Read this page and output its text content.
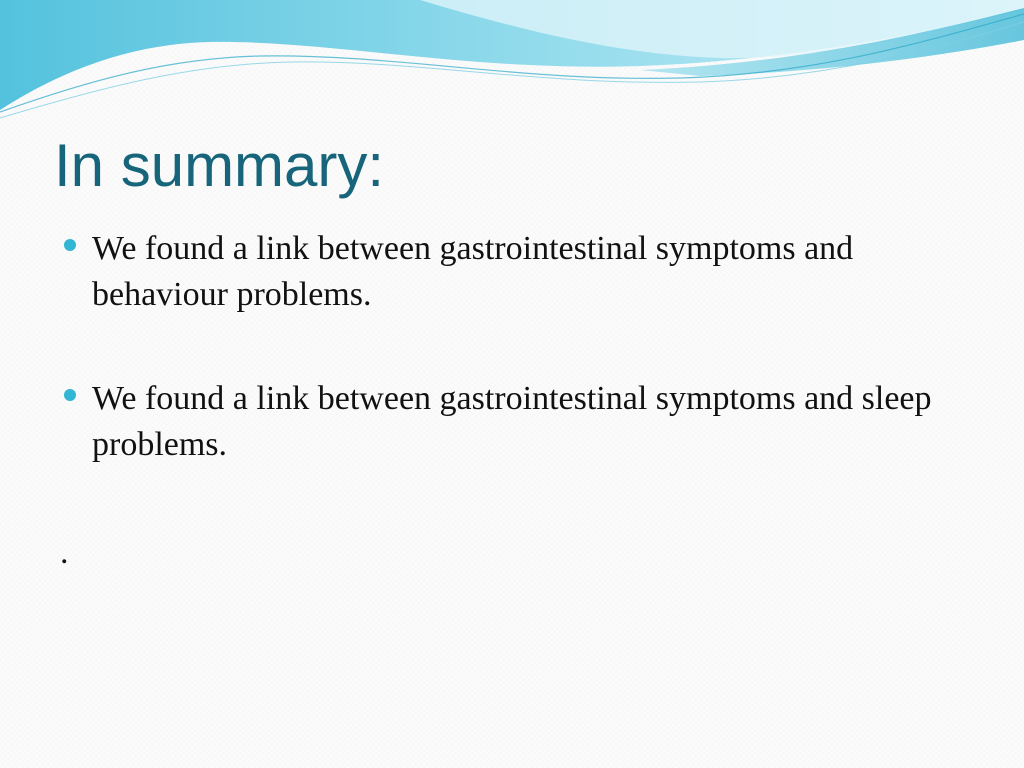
In summary:
We found a link between gastrointestinal symptoms and behaviour problems.
We found a link between gastrointestinal symptoms and sleep problems.
.
